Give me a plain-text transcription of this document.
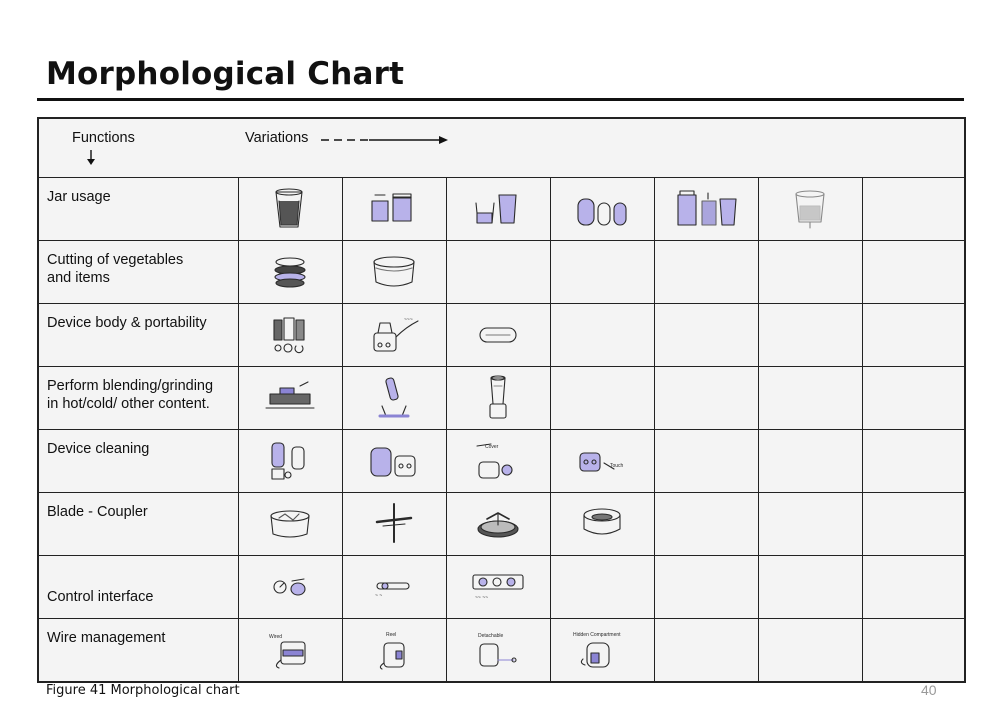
Morphological Chart
Functions Variations							

Jar usage

Cutting of vegetables
and items

Device body & portability		~~~

Perform blending/grinding
in hot/cold/ other content.

Device cleaning			Cover	Touch			

Blade - Coupler

Control interface		~ ~	~~ ~~				

Wire management	Wired	Reel	Detachable	Hidden Compartment			

Figure 41 Morphological chart	40
